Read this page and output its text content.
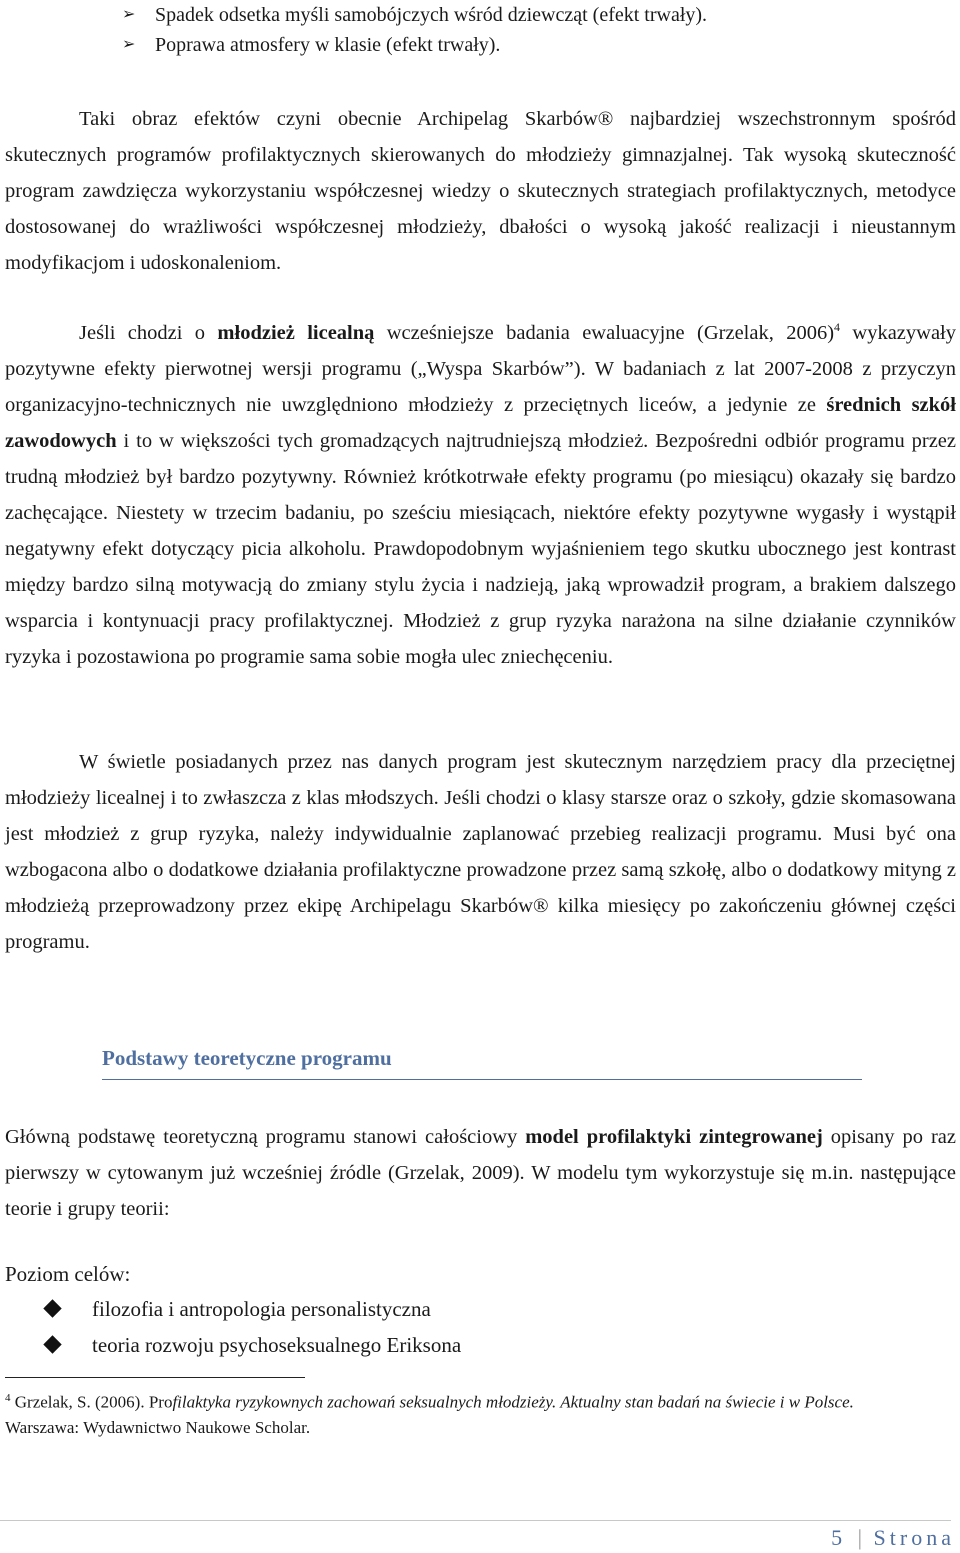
➢ Spadek odsetka myśli samobójczych wśród dziewcząt (efekt trwały).
➢ Poprawa atmosfery w klasie (efekt trwały).

Taki obraz efektów czyni obecnie Archipelag Skarbów® najbardziej wszechstronnym spośród skutecznych programów profilaktycznych skierowanych do młodzieży gimnazjalnej. Tak wysoką skuteczność program zawdzięcza wykorzystaniu współczesnej wiedzy o skutecznych strategiach profilaktycznych, metodyce dostosowanej do wrażliwości współczesnej młodzieży, dbałości o wysoką jakość realizacji i nieustannym modyfikacjom i udoskonaleniom.

Jeśli chodzi o młodzież licealną wcześniejsze badania ewaluacyjne (Grzelak, 2006)$^4$ wykazywały pozytywne efekty pierwotnej wersji programu („Wyspa Skarbów”). W badaniach z lat 2007-2008 z przyczyn organizacyjno-technicznych nie uwzględniono młodzieży z przeciętnych liceów, a jedynie ze średnich szkół zawodowych i to w większości tych gromadzących najtrudniejszą młodzież. Bezpośredni odbiór programu przez trudną młodzież był bardzo pozytywny. Również krótkotrwałe efekty programu (po miesiącu) okazały się bardzo zachęcające. Niestety w trzecim badaniu, po sześciu miesiącach, niektóre efekty pozytywne wygasły i wystąpił negatywny efekt dotyczący picia alkoholu. Prawdopodobnym wyjaśnieniem tego skutku ubocznego jest kontrast między bardzo silną motywacją do zmiany stylu życia i nadzieją, jaką wprowadził program, a brakiem dalszego wsparcia i kontynuacji pracy profilaktycznej. Młodzież z grup ryzyka narażona na silne działanie czynników ryzyka i pozostawiona po programie sama sobie mogła ulec zniechęceniu.

W świetle posiadanych przez nas danych program jest skutecznym narzędziem pracy dla przeciętnej młodzieży licealnej i to zwłaszcza z klas młodszych. Jeśli chodzi o klasy starsze oraz o szkoły, gdzie skomasowana jest młodzież z grup ryzyka, należy indywidualnie zaplanować przebieg realizacji programu. Musi być ona wzbogacona albo o dodatkowe działania profilaktyczne prowadzone przez samą szkołę, albo o dodatkowy mityng z młodzieżą przeprowadzony przez ekipę Archipelagu Skarbów® kilka miesięcy po zakończeniu głównej części programu.

Podstawy teoretyczne programu

Główną podstawę teoretyczną programu stanowi całościowy model profilaktyki zintegrowanej opisany po raz pierwszy w cytowanym już wcześniej źródle (Grzelak, 2009). W modelu tym wykorzystuje się m.in. następujące teorie i grupy teorii:

Poziom celów:
filozofia i antropologia personalistyczna
teoria rozwoju psychoseksualnego Eriksona
$^4$ Grzelak, S. (2006). Profilaktyka ryzykownych zachowań seksualnych młodzieży. Aktualny stan badań na świecie i w Polsce. Warszawa: Wydawnictwo Naukowe Scholar.
5 | Strona
